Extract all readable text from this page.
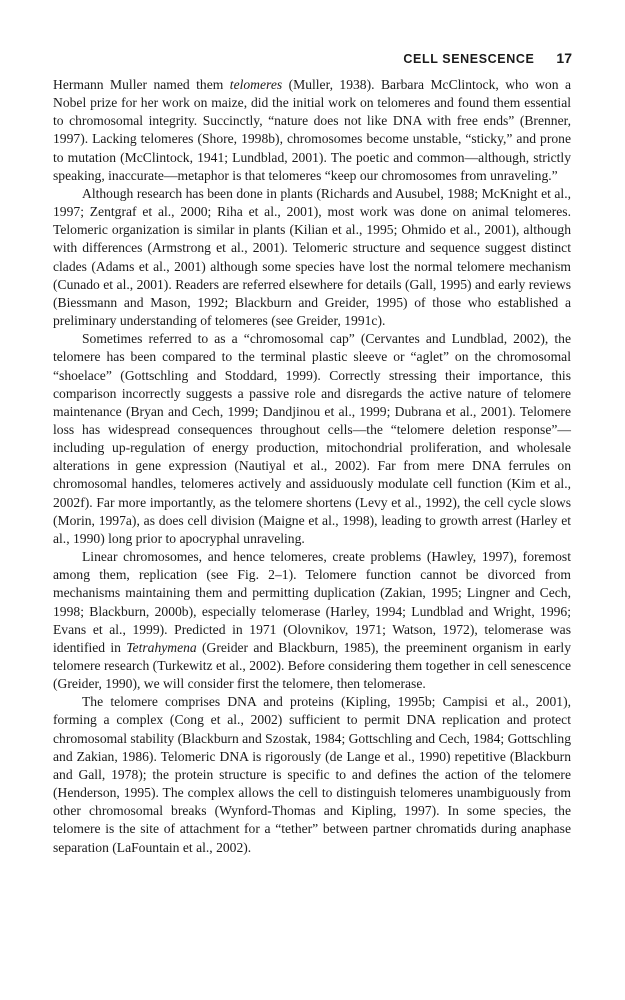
CELL SENESCENCE 17

Hermann Muller named them telomeres (Muller, 1938). Barbara McClintock, who won a Nobel prize for her work on maize, did the initial work on telomeres and found them essential to chromosomal integrity. Succinctly, “nature does not like DNA with free ends” (Brenner, 1997). Lacking telomeres (Shore, 1998b), chromosomes become unstable, “sticky,” and prone to mutation (McClintock, 1941; Lundblad, 2001). The poetic and common—although, strictly speaking, inaccurate—metaphor is that telomeres “keep our chromosomes from unraveling.”

Although research has been done in plants (Richards and Ausubel, 1988; McKnight et al., 1997; Zentgraf et al., 2000; Riha et al., 2001), most work was done on animal telomeres. Telomeric organization is similar in plants (Kilian et al., 1995; Ohmido et al., 2001), although with differences (Armstrong et al., 2001). Telomeric structure and sequence suggest distinct clades (Adams et al., 2001) although some species have lost the normal telomere mechanism (Cunado et al., 2001). Readers are referred elsewhere for details (Gall, 1995) and early reviews (Biessmann and Mason, 1992; Blackburn and Greider, 1995) of those who established a preliminary understanding of telomeres (see Greider, 1991c).

Sometimes referred to as a “chromosomal cap” (Cervantes and Lundblad, 2002), the telomere has been compared to the terminal plastic sleeve or “aglet” on the chromosomal “shoelace” (Gottschling and Stoddard, 1999). Correctly stressing their importance, this comparison incorrectly suggests a passive role and disregards the active nature of telomere maintenance (Bryan and Cech, 1999; Dandjinou et al., 1999; Dubrana et al., 2001). Telomere loss has widespread consequences throughout cells—the “telomere deletion response”—including up-regulation of energy production, mitochondrial proliferation, and wholesale alterations in gene expression (Nautiyal et al., 2002). Far from mere DNA ferrules on chromosomal handles, telomeres actively and assiduously modulate cell function (Kim et al., 2002f). Far more importantly, as the telomere shortens (Levy et al., 1992), the cell cycle slows (Morin, 1997a), as does cell division (Maigne et al., 1998), leading to growth arrest (Harley et al., 1990) long prior to apocryphal unraveling.

Linear chromosomes, and hence telomeres, create problems (Hawley, 1997), foremost among them, replication (see Fig. 2–1). Telomere function cannot be divorced from mechanisms maintaining them and permitting duplication (Zakian, 1995; Lingner and Cech, 1998; Blackburn, 2000b), especially telomerase (Harley, 1994; Lundblad and Wright, 1996; Evans et al., 1999). Predicted in 1971 (Olovnikov, 1971; Watson, 1972), telomerase was identified in Tetrahymena (Greider and Blackburn, 1985), the preeminent organism in early telomere research (Turkewitz et al., 2002). Before considering them together in cell senescence (Greider, 1990), we will consider first the telomere, then telomerase.

The telomere comprises DNA and proteins (Kipling, 1995b; Campisi et al., 2001), forming a complex (Cong et al., 2002) sufficient to permit DNA replication and protect chromosomal stability (Blackburn and Szostak, 1984; Gottschling and Cech, 1984; Gottschling and Zakian, 1986). Telomeric DNA is rigorously (de Lange et al., 1990) repetitive (Blackburn and Gall, 1978); the protein structure is specific to and defines the action of the telomere (Henderson, 1995). The complex allows the cell to distinguish telomeres unambiguously from other chromosomal breaks (Wynford-Thomas and Kipling, 1997). In some species, the telomere is the site of attachment for a “tether” between partner chromatids during anaphase separation (LaFountain et al., 2002).
